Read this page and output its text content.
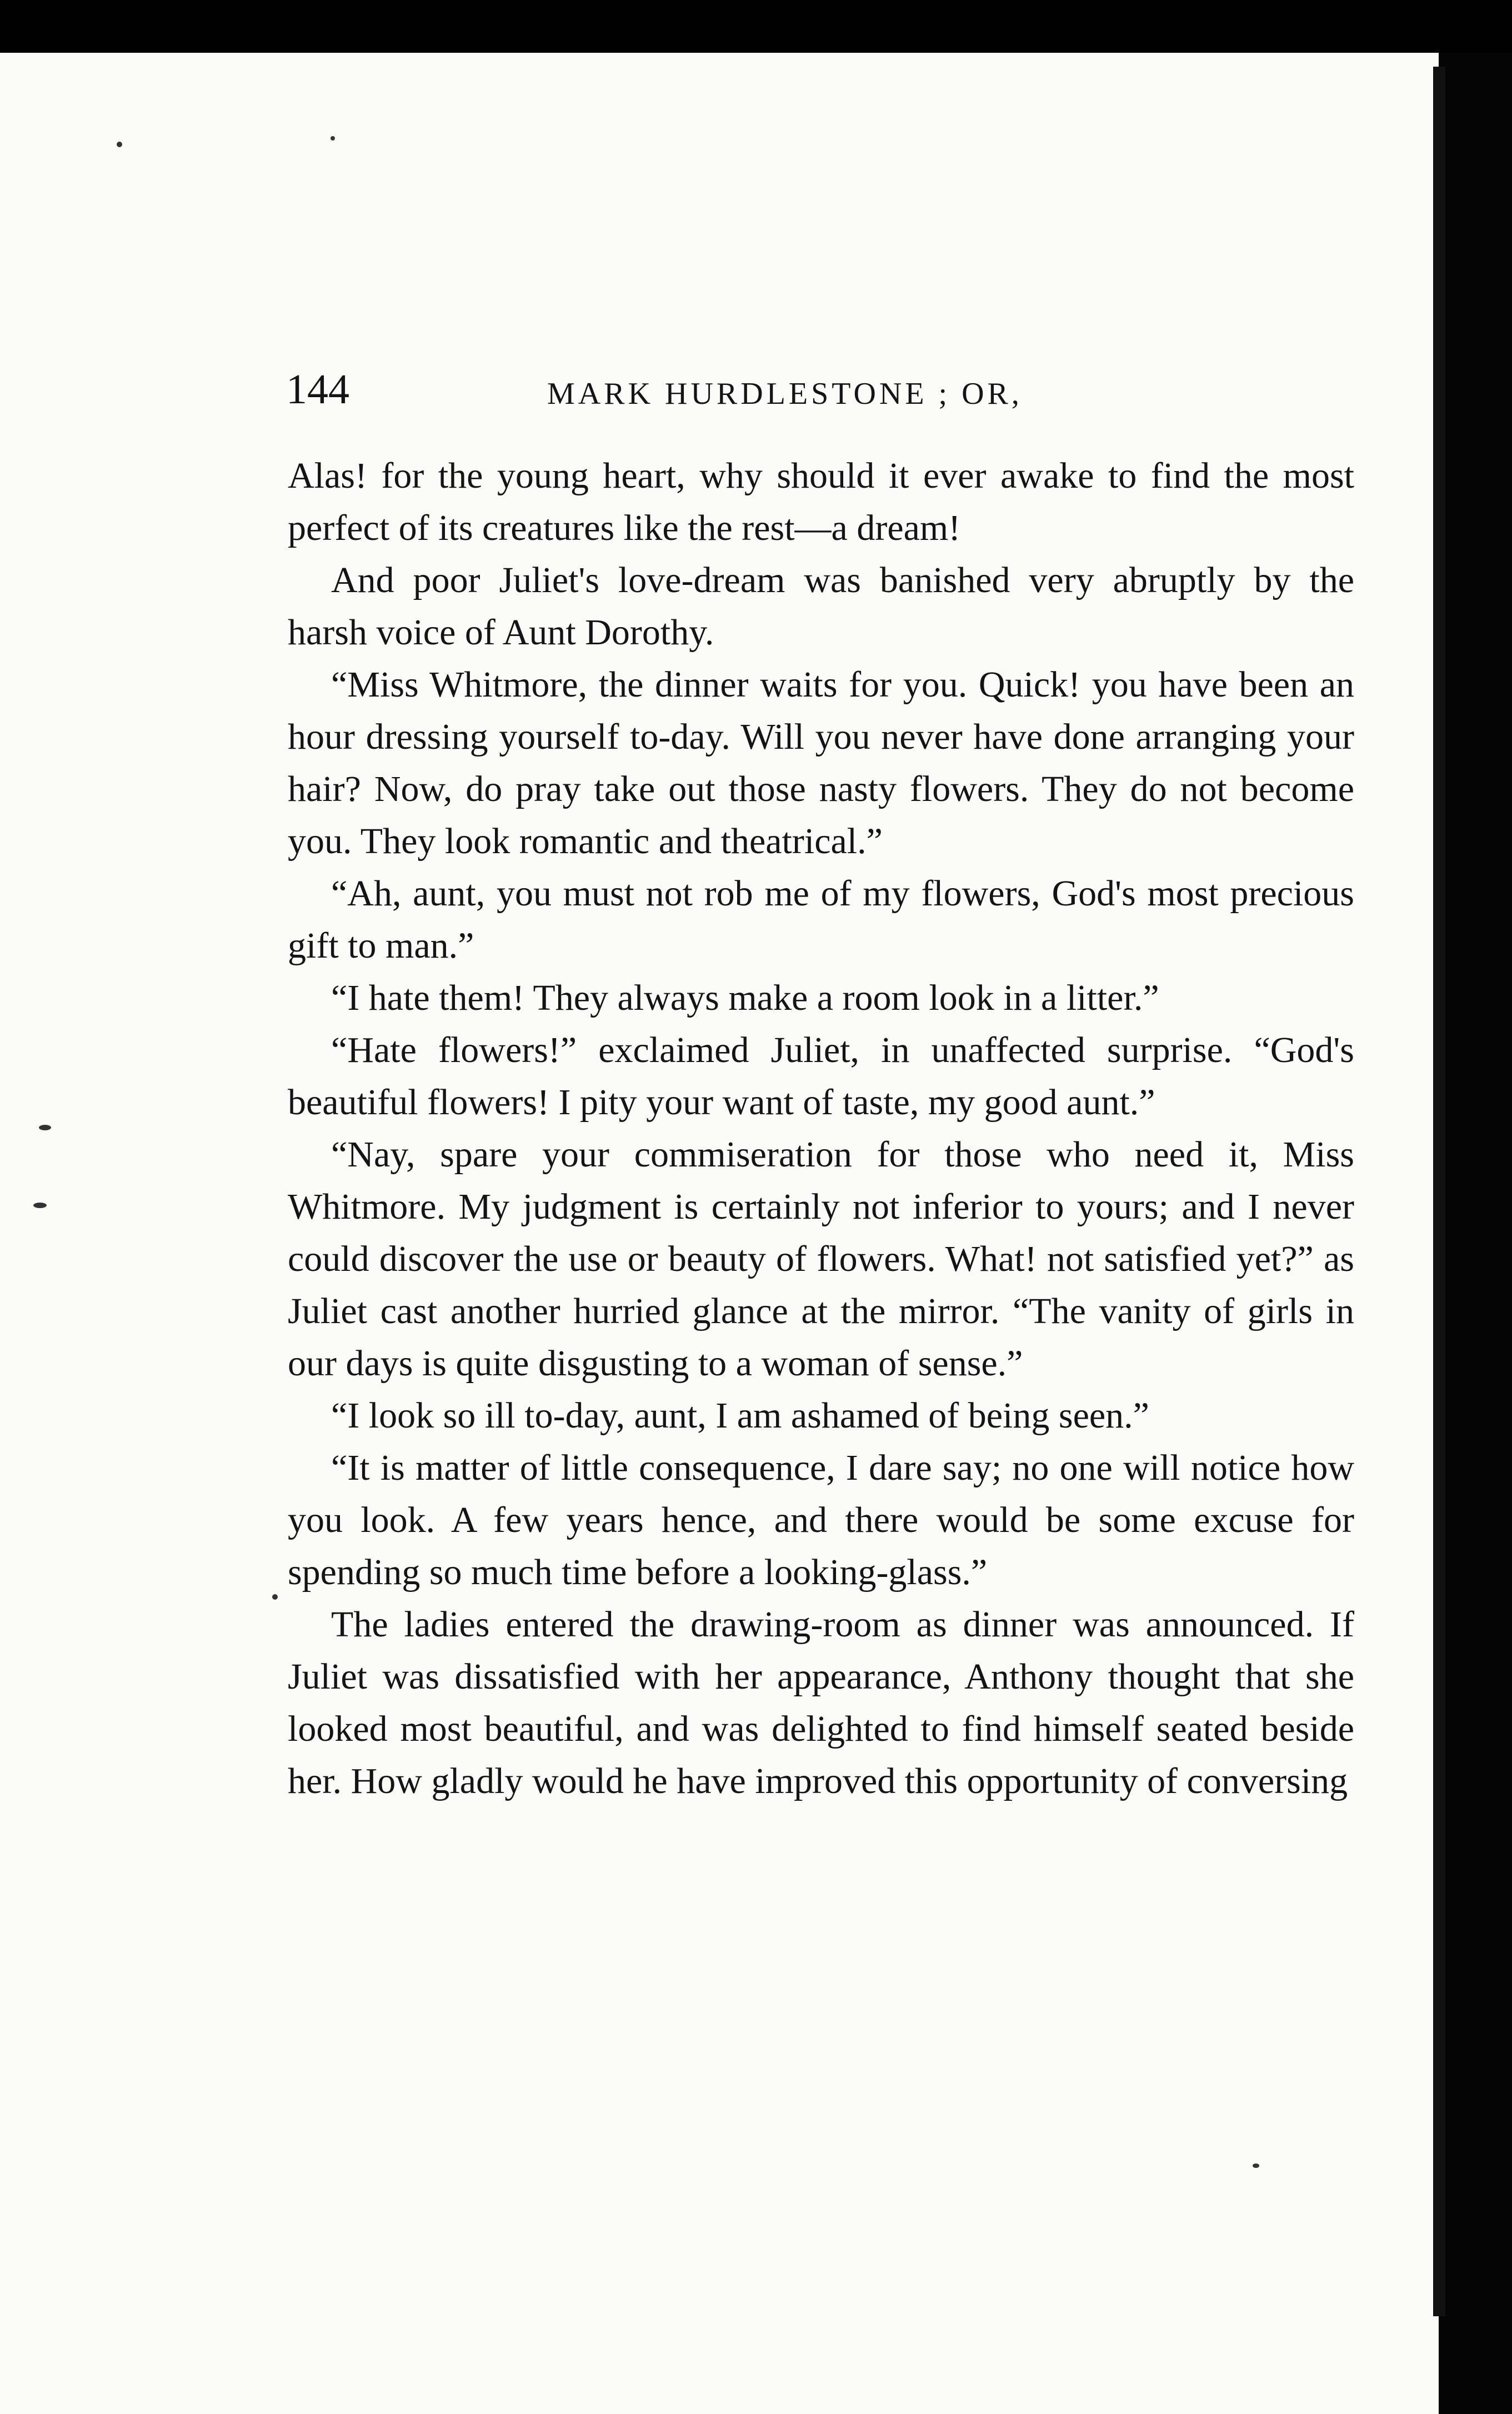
144	MARK HURDLESTONE ; OR,

Alas! for the young heart, why should it ever awake to find the most perfect of its creatures like the rest—a dream!

And poor Juliet's love-dream was banished very abruptly by the harsh voice of Aunt Dorothy.

“Miss Whitmore, the dinner waits for you. Quick! you have been an hour dressing yourself to-day. Will you never have done arranging your hair? Now, do pray take out those nasty flowers. They do not become you. They look romantic and theatrical.”

“Ah, aunt, you must not rob me of my flowers, God's most precious gift to man.”

“I hate them! They always make a room look in a litter.”

“Hate flowers!” exclaimed Juliet, in unaffected surprise. “God's beautiful flowers! I pity your want of taste, my good aunt.”

“Nay, spare your commiseration for those who need it, Miss Whitmore. My judgment is certainly not inferior to yours; and I never could discover the use or beauty of flowers. What! not satisfied yet?” as Juliet cast another hurried glance at the mirror. “The vanity of girls in our days is quite disgusting to a woman of sense.”

“I look so ill to-day, aunt, I am ashamed of being seen.”

“It is matter of little consequence, I dare say; no one will notice how you look. A few years hence, and there would be some excuse for spending so much time before a looking-glass.”

The ladies entered the drawing-room as dinner was announced. If Juliet was dissatisfied with her appearance, Anthony thought that she looked most beautiful, and was delighted to find himself seated beside her. How gladly would he have improved this opportunity of conversing
